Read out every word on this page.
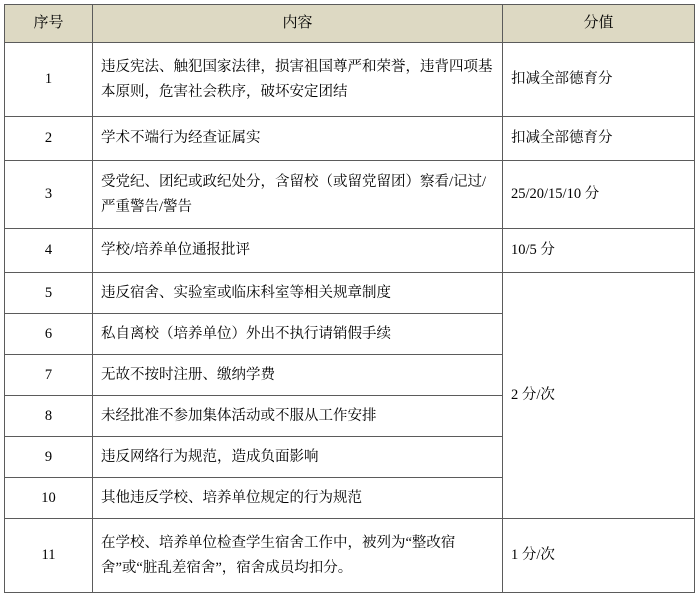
序号	内容	分值
1	违反宪法、触犯国家法律，损害祖国尊严和荣誉，违背四项基本原则，危害社会秩序，破坏安定团结	扣减全部德育分
2	学术不端行为经查证属实	扣减全部德育分
3	受党纪、团纪或政纪处分，含留校（或留党留团）察看/记过/严重警告/警告	25/20/15/10 分
4	学校/培养单位通报批评	10/5 分
5	违反宿舍、实验室或临床科室等相关规章制度	2 分/次
6	私自离校（培养单位）外出不执行请销假手续	
7	无故不按时注册、缴纳学费	
8	未经批准不参加集体活动或不服从工作安排	
9	违反网络行为规范，造成负面影响	
10	其他违反学校、培养单位规定的行为规范	
11	在学校、培养单位检查学生宿舍工作中，被列为“整改宿舍”或“脏乱差宿舍”，宿舍成员均扣分。	1 分/次
